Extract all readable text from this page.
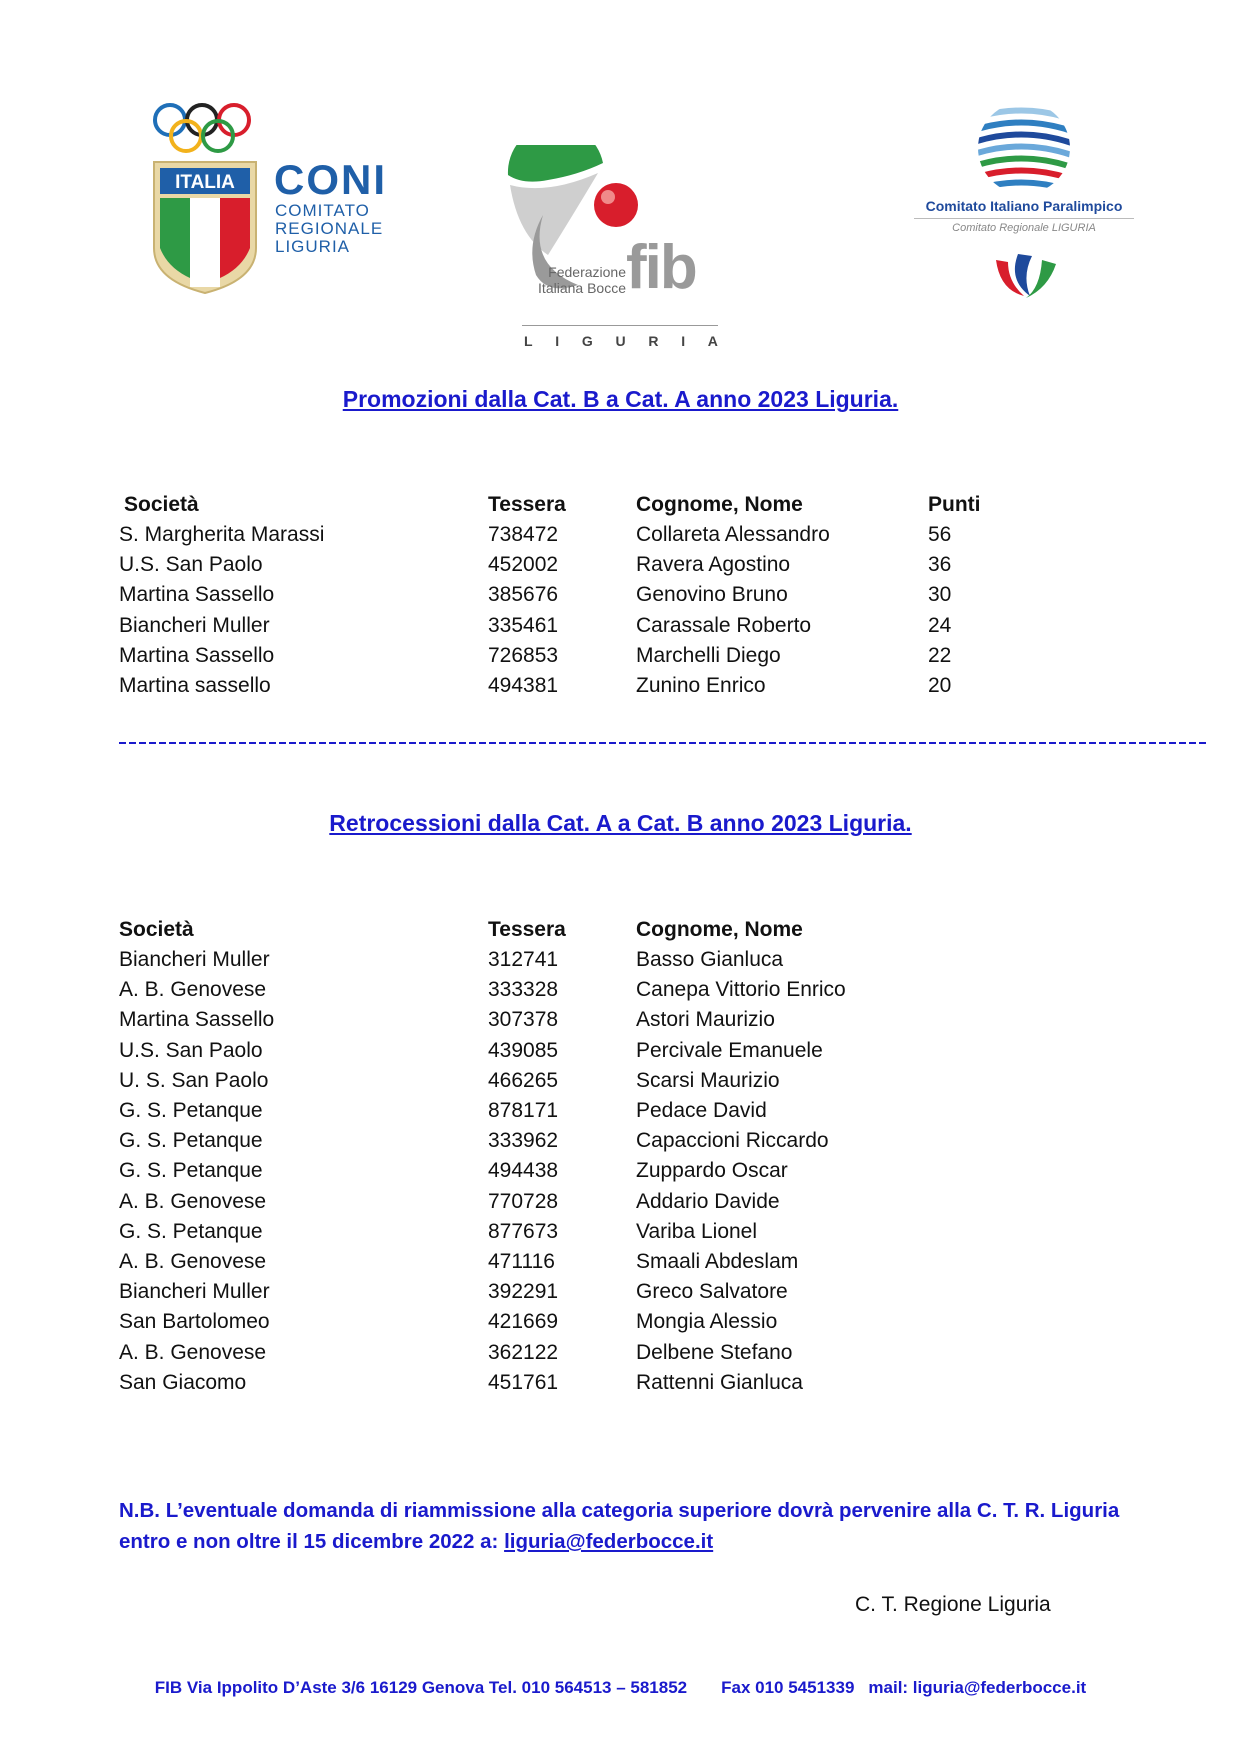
ITALIA CONI
COMITATO
REGIONALE
LIGURIA	fib
Federazione
Italiana Bocce
L I G U R I A
Comitato Italiano Paralimpico
Comitato Regionale LIGURIA
Promozioni dalla Cat. B a Cat. A anno 2023 Liguria.
Società	Tessera	Cognome, Nome	Punti
S. Margherita Marassi	738472	Collareta Alessandro	56
U.S. San Paolo	452002	Ravera Agostino	36
Martina Sassello	385676	Genovino Bruno	30
Biancheri Muller	335461	Carassale Roberto	24
Martina Sassello	726853	Marchelli Diego	22
Martina sassello	494381	Zunino Enrico	20
Retrocessioni dalla Cat. A a Cat. B anno 2023 Liguria.
Società	Tessera	Cognome, Nome
Biancheri Muller	312741	Basso Gianluca
A. B. Genovese	333328	Canepa Vittorio Enrico
Martina Sassello	307378	Astori Maurizio
U.S. San Paolo	439085	Percivale Emanuele
U. S. San Paolo	466265	Scarsi Maurizio
G. S. Petanque	878171	Pedace David
G. S. Petanque	333962	Capaccioni Riccardo
G. S. Petanque	494438	Zuppardo Oscar
A. B. Genovese	770728	Addario Davide
G. S. Petanque	877673	Variba Lionel
A. B. Genovese	471116	Smaali Abdeslam
Biancheri Muller	392291	Greco Salvatore
San Bartolomeo	421669	Mongia Alessio
A. B. Genovese	362122	Delbene Stefano
San Giacomo	451761	Rattenni Gianluca
N.B. L’eventuale domanda di riammissione alla categoria superiore dovrà pervenire alla C. T. R. Liguria
entro e non oltre il 15 dicembre 2022 a: liguria@federbocce.it
C. T. Regione Liguria
FIB Via Ippolito D’Aste 3/6 16129 Genova Tel. 010 564513 – 581852 Fax 010 5451339 mail: liguria@federbocce.it
